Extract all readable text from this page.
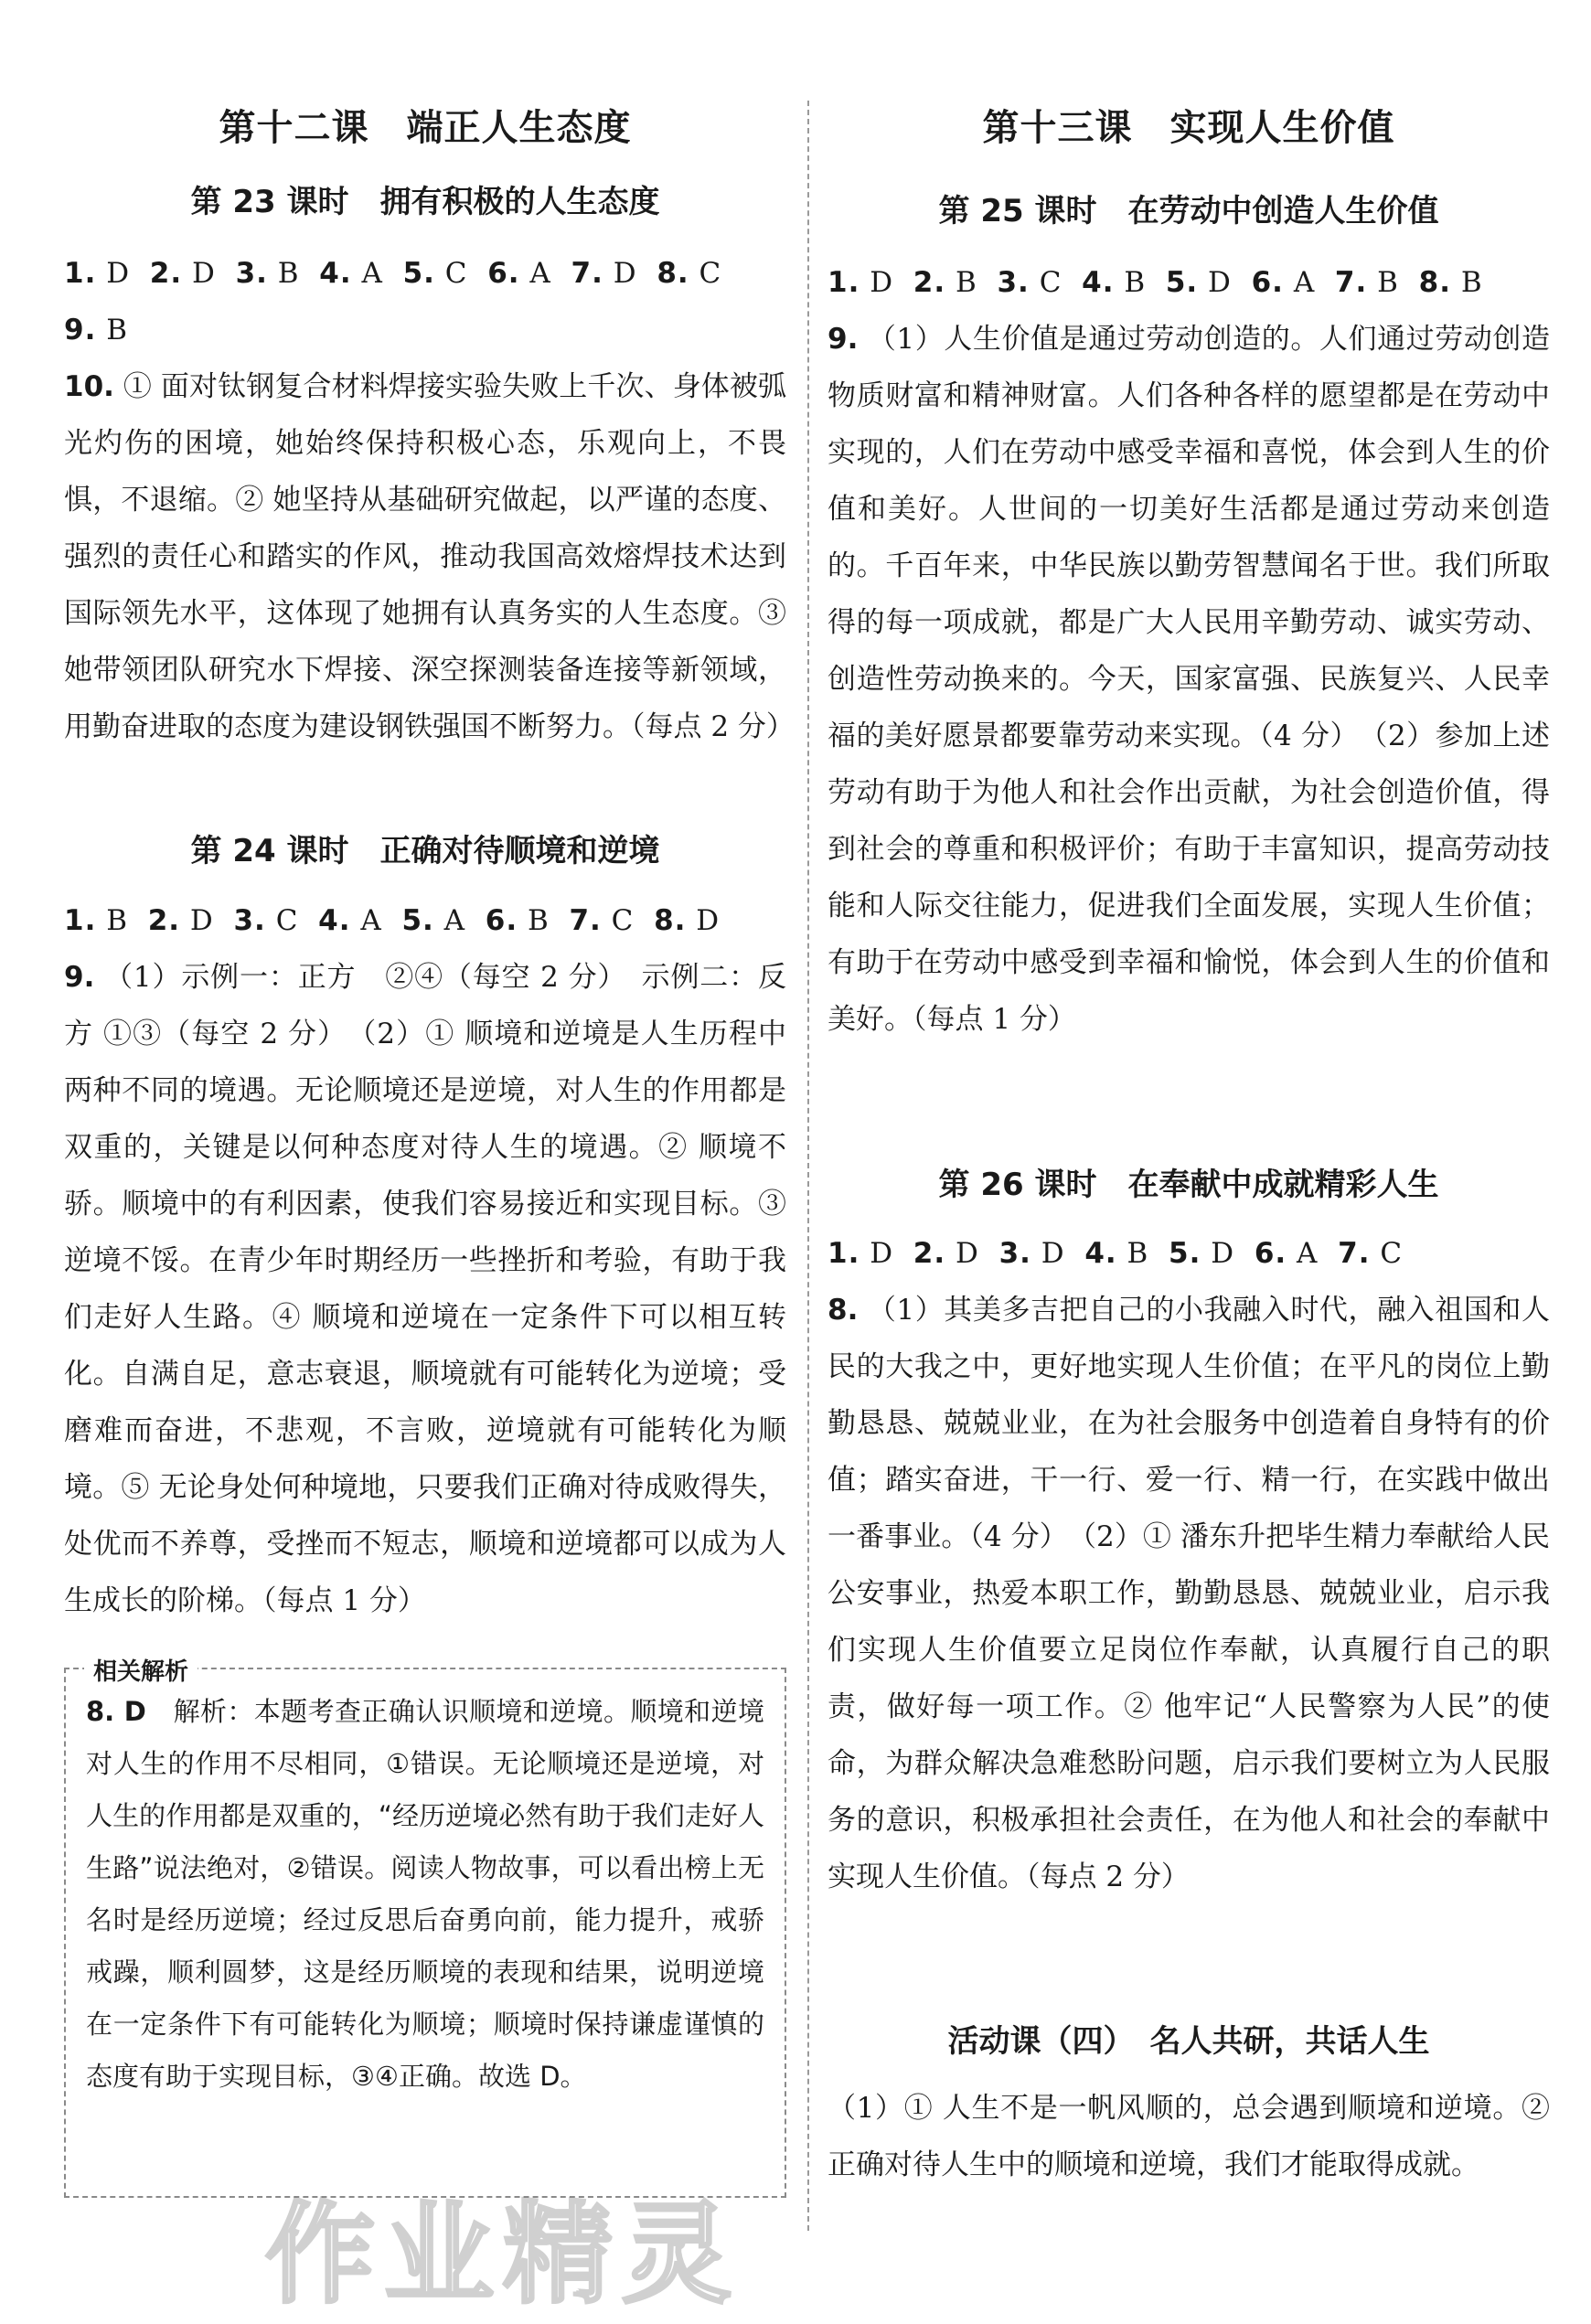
第十二课　端正人生态度
第 23 课时　拥有积极的人生态度

1. D  2. D  3. B  4. A  5. C  6. A  7. D  8. C

9. B

10. ① 面对钛钢复合材料焊接实验失败上千次、身体被弧光灼伤的困境，她始终保持积极心态，乐观向上，不畏惧，不退缩。② 她坚持从基础研究做起，以严谨的态度、强烈的责任心和踏实的作风，推动我国高效熔焊技术达到国际领先水平，这体现了她拥有认真务实的人生态度。③ 她带领团队研究水下焊接、深空探测装备连接等新领域，用勤奋进取的态度为建设钢铁强国不断努力。（每点 2 分）

第 24 课时　正确对待顺境和逆境

1. B  2. D  3. C  4. A  5. A  6. B  7. C  8. D

9. （1）示例一：正方　②④（每空 2 分）　示例二：反方 ①③（每空 2 分）　（2）① 顺境和逆境是人生历程中两种不同的境遇。无论顺境还是逆境，对人生的作用都是双重的，关键是以何种态度对待人生的境遇。② 顺境不骄。顺境中的有利因素，使我们容易接近和实现目标。③ 逆境不馁。在青少年时期经历一些挫折和考验，有助于我们走好人生路。④ 顺境和逆境在一定条件下可以相互转化。自满自足，意志衰退，顺境就有可能转化为逆境；受磨难而奋进，不悲观，不言败，逆境就有可能转化为顺境。⑤ 无论身处何种境地，只要我们正确对待成败得失，处优而不养尊，受挫而不短志，顺境和逆境都可以成为人生成长的阶梯。（每点 1 分）

相关解析

8. D　解析：本题考查正确认识顺境和逆境。顺境和逆境对人生的作用不尽相同，①错误。无论顺境还是逆境，对人生的作用都是双重的，“经历逆境必然有助于我们走好人生路”说法绝对，②错误。阅读人物故事，可以看出榜上无名时是经历逆境；经过反思后奋勇向前，能力提升，戒骄戒躁，顺利圆梦，这是经历顺境的表现和结果，说明逆境在一定条件下有可能转化为顺境；顺境时保持谦虚谨慎的态度有助于实现目标，③④正确。故选 D。

第十三课　实现人生价值
第 25 课时　在劳动中创造人生价值

1. D  2. B  3. C  4. B  5. D  6. A  7. B  8. B

9. （1）人生价值是通过劳动创造的。人们通过劳动创造物质财富和精神财富。人们各种各样的愿望都是在劳动中实现的，人们在劳动中感受幸福和喜悦，体会到人生的价值和美好。人世间的一切美好生活都是通过劳动来创造的。千百年来，中华民族以勤劳智慧闻名于世。我们所取得的每一项成就，都是广大人民用辛勤劳动、诚实劳动、创造性劳动换来的。今天，国家富强、民族复兴、人民幸福的美好愿景都要靠劳动来实现。（4 分）　（2）参加上述劳动有助于为他人和社会作出贡献，为社会创造价值，得到社会的尊重和积极评价；有助于丰富知识，提高劳动技能和人际交往能力，促进我们全面发展，实现人生价值；有助于在劳动中感受到幸福和愉悦，体会到人生的价值和美好。（每点 1 分）

第 26 课时　在奉献中成就精彩人生

1. D  2. D  3. D  4. B  5. D  6. A  7. C

8. （1）其美多吉把自己的小我融入时代，融入祖国和人民的大我之中，更好地实现人生价值；在平凡的岗位上勤勤恳恳、兢兢业业，在为社会服务中创造着自身特有的价值；踏实奋进，干一行、爱一行、精一行，在实践中做出一番事业。（4 分）　（2）① 潘东升把毕生精力奉献给人民公安事业，热爱本职工作，勤勤恳恳、兢兢业业，启示我们实现人生价值要立足岗位作奉献，认真履行自己的职责，做好每一项工作。② 他牢记“人民警察为人民”的使命，为群众解决急难愁盼问题，启示我们要树立为人民服务的意识，积极承担社会责任，在为他人和社会的奉献中实现人生价值。（每点 2 分）

活动课（四）　名人共研，共话人生

（1）① 人生不是一帆风顺的，总会遇到顺境和逆境。② 正确对待人生中的顺境和逆境，我们才能取得成就。

作业精灵
